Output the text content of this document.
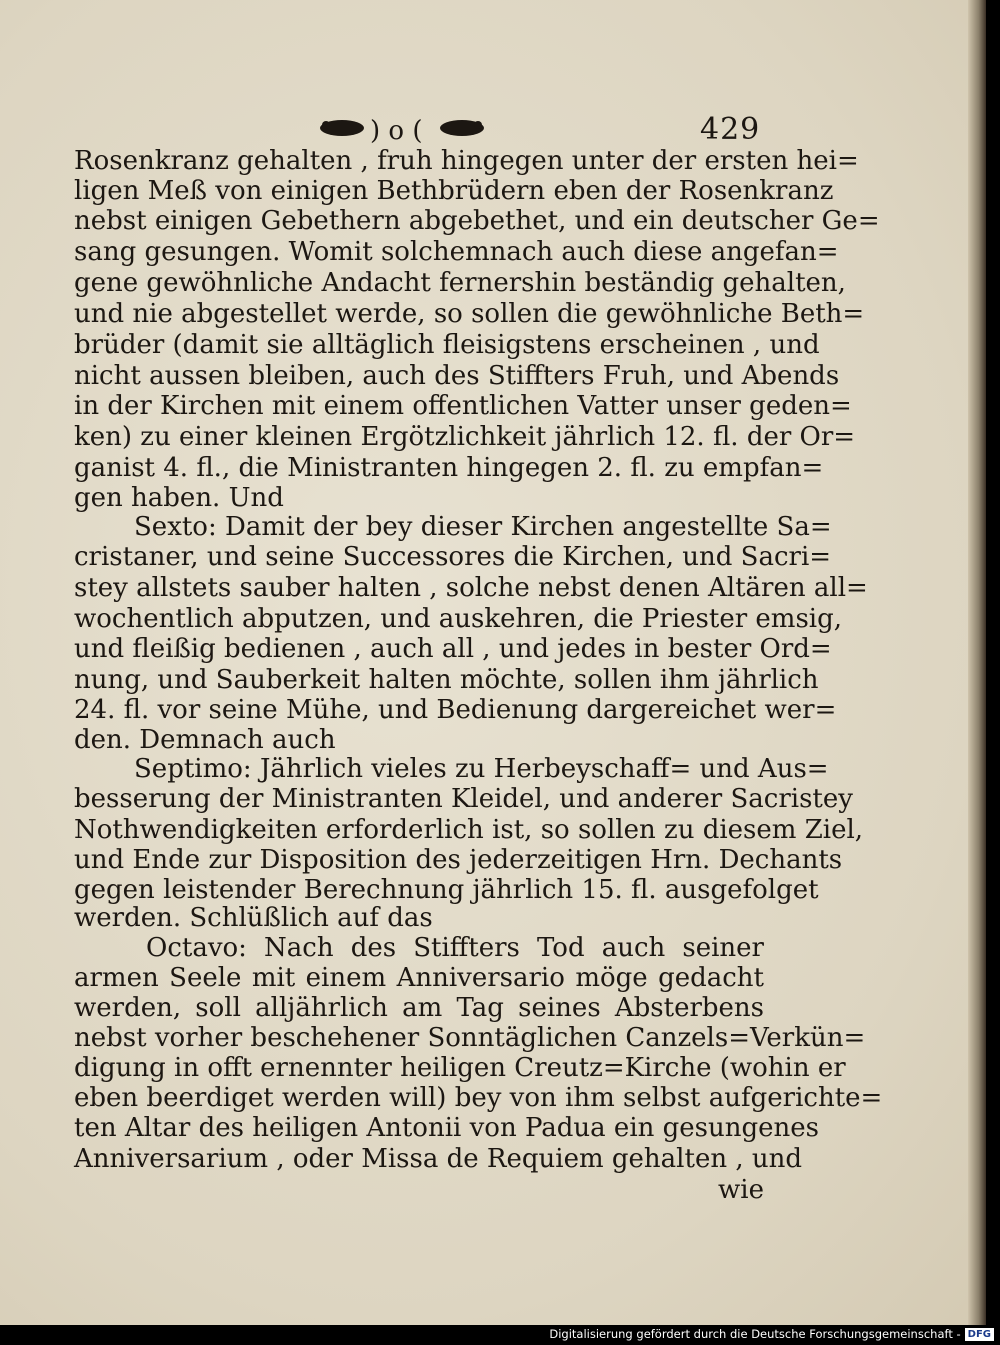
) o (	429
Rosenkranz gehalten , fruh hingegen unter der ersten hei=
ligen Meß von einigen Bethbrüdern eben der Rosenkranz
nebst einigen Gebethern abgebethet, und ein deutscher Ge=
sang gesungen. Womit solchemnach auch diese angefan=
gene gewöhnliche Andacht fernershin beständig gehalten,
und nie abgestellet werde, so sollen die gewöhnliche Beth=
brüder (damit sie alltäglich fleisigstens erscheinen , und
nicht aussen bleiben, auch des Stiffters Fruh, und Abends
in der Kirchen mit einem offentlichen Vatter unser geden=
ken) zu einer kleinen Ergötzlichkeit jährlich 12. fl. der Or=
ganist 4. fl., die Ministranten hingegen 2. fl. zu empfan=
gen haben. Und
Sexto: Damit der bey dieser Kirchen angestellte Sa=
cristaner, und seine Successores die Kirchen, und Sacri=
stey allstets sauber halten , solche nebst denen Altären all=
wochentlich abputzen, und auskehren, die Priester emsig,
und fleißig bedienen , auch all , und jedes in bester Ord=
nung, und Sauberkeit halten möchte, sollen ihm jährlich
24. fl. vor seine Mühe, und Bedienung dargereichet wer=
den. Demnach auch
Septimo: Jährlich vieles zu Herbeyschaff= und Aus=
besserung der Ministranten Kleidel, und anderer Sacristey
Nothwendigkeiten erforderlich ist, so sollen zu diesem Ziel,
und Ende zur Disposition des jederzeitigen Hrn. Dechants
gegen leistender Berechnung jährlich 15. fl. ausgefolget
werden. Schlüßlich auf das
Octavo: Nach des Stiffters Tod auch seiner
armen Seele mit einem Anniversario möge gedacht
werden, soll alljährlich am Tag seines Absterbens
nebst vorher beschehener Sonntäglichen Canzels=Verkün=
digung in offt ernennter heiligen Creutz=Kirche (wohin er
eben beerdiget werden will) bey von ihm selbst aufgerichte=
ten Altar des heiligen Antonii von Padua ein gesungenes
Anniversarium , oder Missa de Requiem gehalten , und
wie
Digitalisierung gefördert durch die Deutsche Forschungsgemeinschaft - DFG
